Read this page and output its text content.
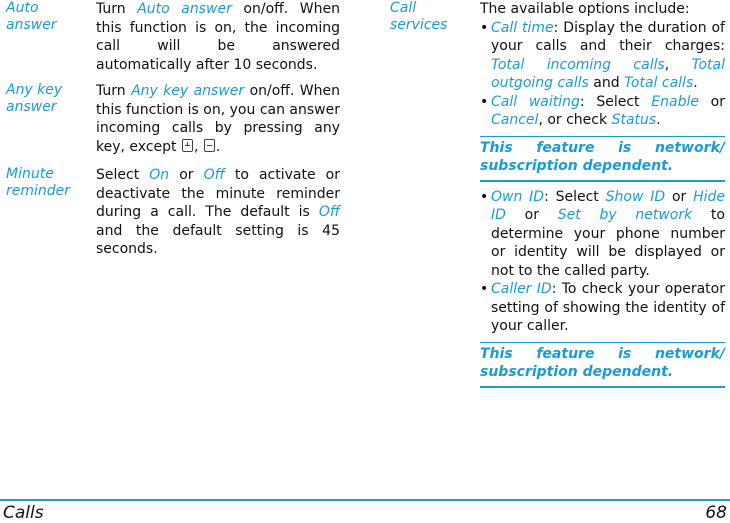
Auto answer
Turn Auto answer on/off. When this function is on, the incoming call will be answered automatically after 10 seconds.
Any key answer
Turn Any key answer on/off. When this function is on, you can answer incoming calls by pressing any key, except , .
Minute reminder
Select On or Off to activate or deactivate the minute reminder during a call. The default is Off and the default setting is 45 seconds.
Call services
The available options include:
• Call time: Display the duration of your calls and their charges: Total incoming calls, Total outgoing calls and Total calls.
• Call waiting: Select Enable or Cancel, or check Status.
This feature is network/ subscription dependent.
• Own ID: Select Show ID or Hide ID or Set by network to determine your phone number or identity will be displayed or not to the called party.
• Caller ID: To check your operator setting of showing the identity of your caller.
This feature is network/ subscription dependent.
Calls	68
